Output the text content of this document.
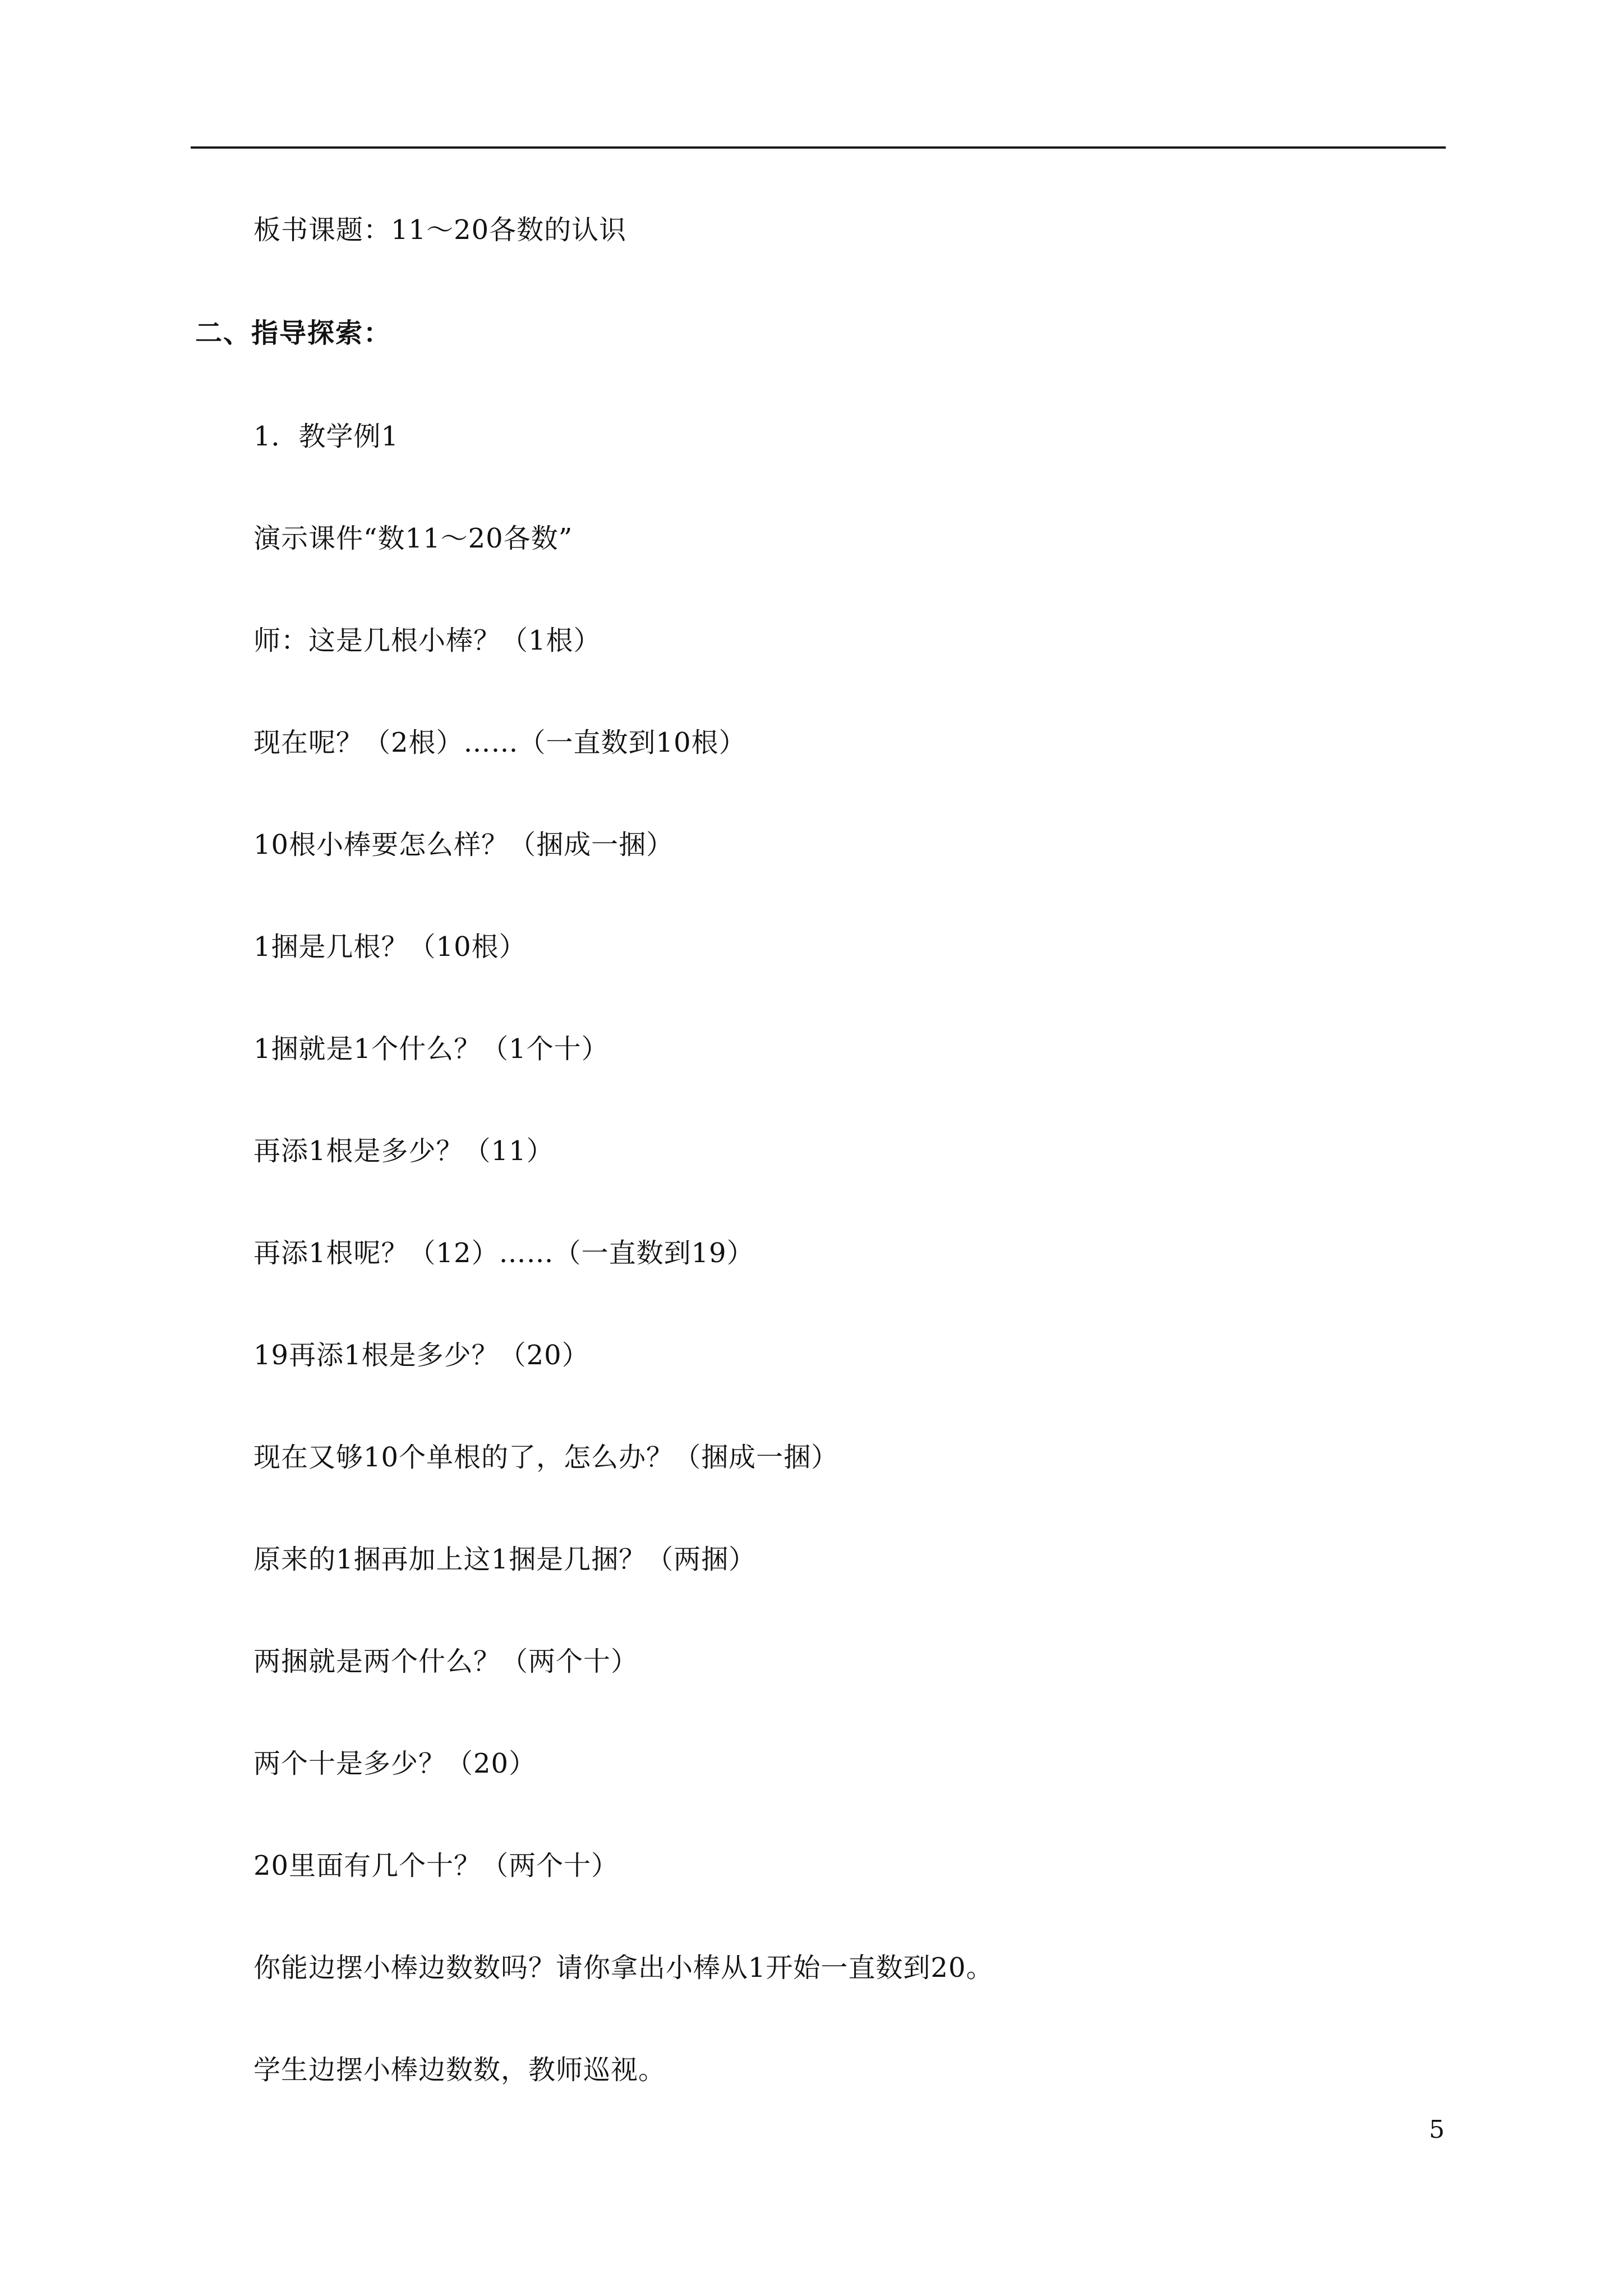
板书课题：11～20各数的认识
二、指导探索：
1．教学例1
演示课件“数11～20各数”
师：这是几根小棒？（1根）
现在呢？（2根）……（一直数到10根）
10根小棒要怎么样？（捆成一捆）
1捆是几根？（10根）
1捆就是1个什么？（1个十）
再添1根是多少？（11）
再添1根呢？（12）……（一直数到19）
19再添1根是多少？（20）
现在又够10个单根的了，怎么办？（捆成一捆）
原来的1捆再加上这1捆是几捆？（两捆）
两捆就是两个什么？（两个十）
两个十是多少？（20）
20里面有几个十？（两个十）
你能边摆小棒边数数吗？请你拿出小棒从1开始一直数到20。
学生边摆小棒边数数，教师巡视。
5
